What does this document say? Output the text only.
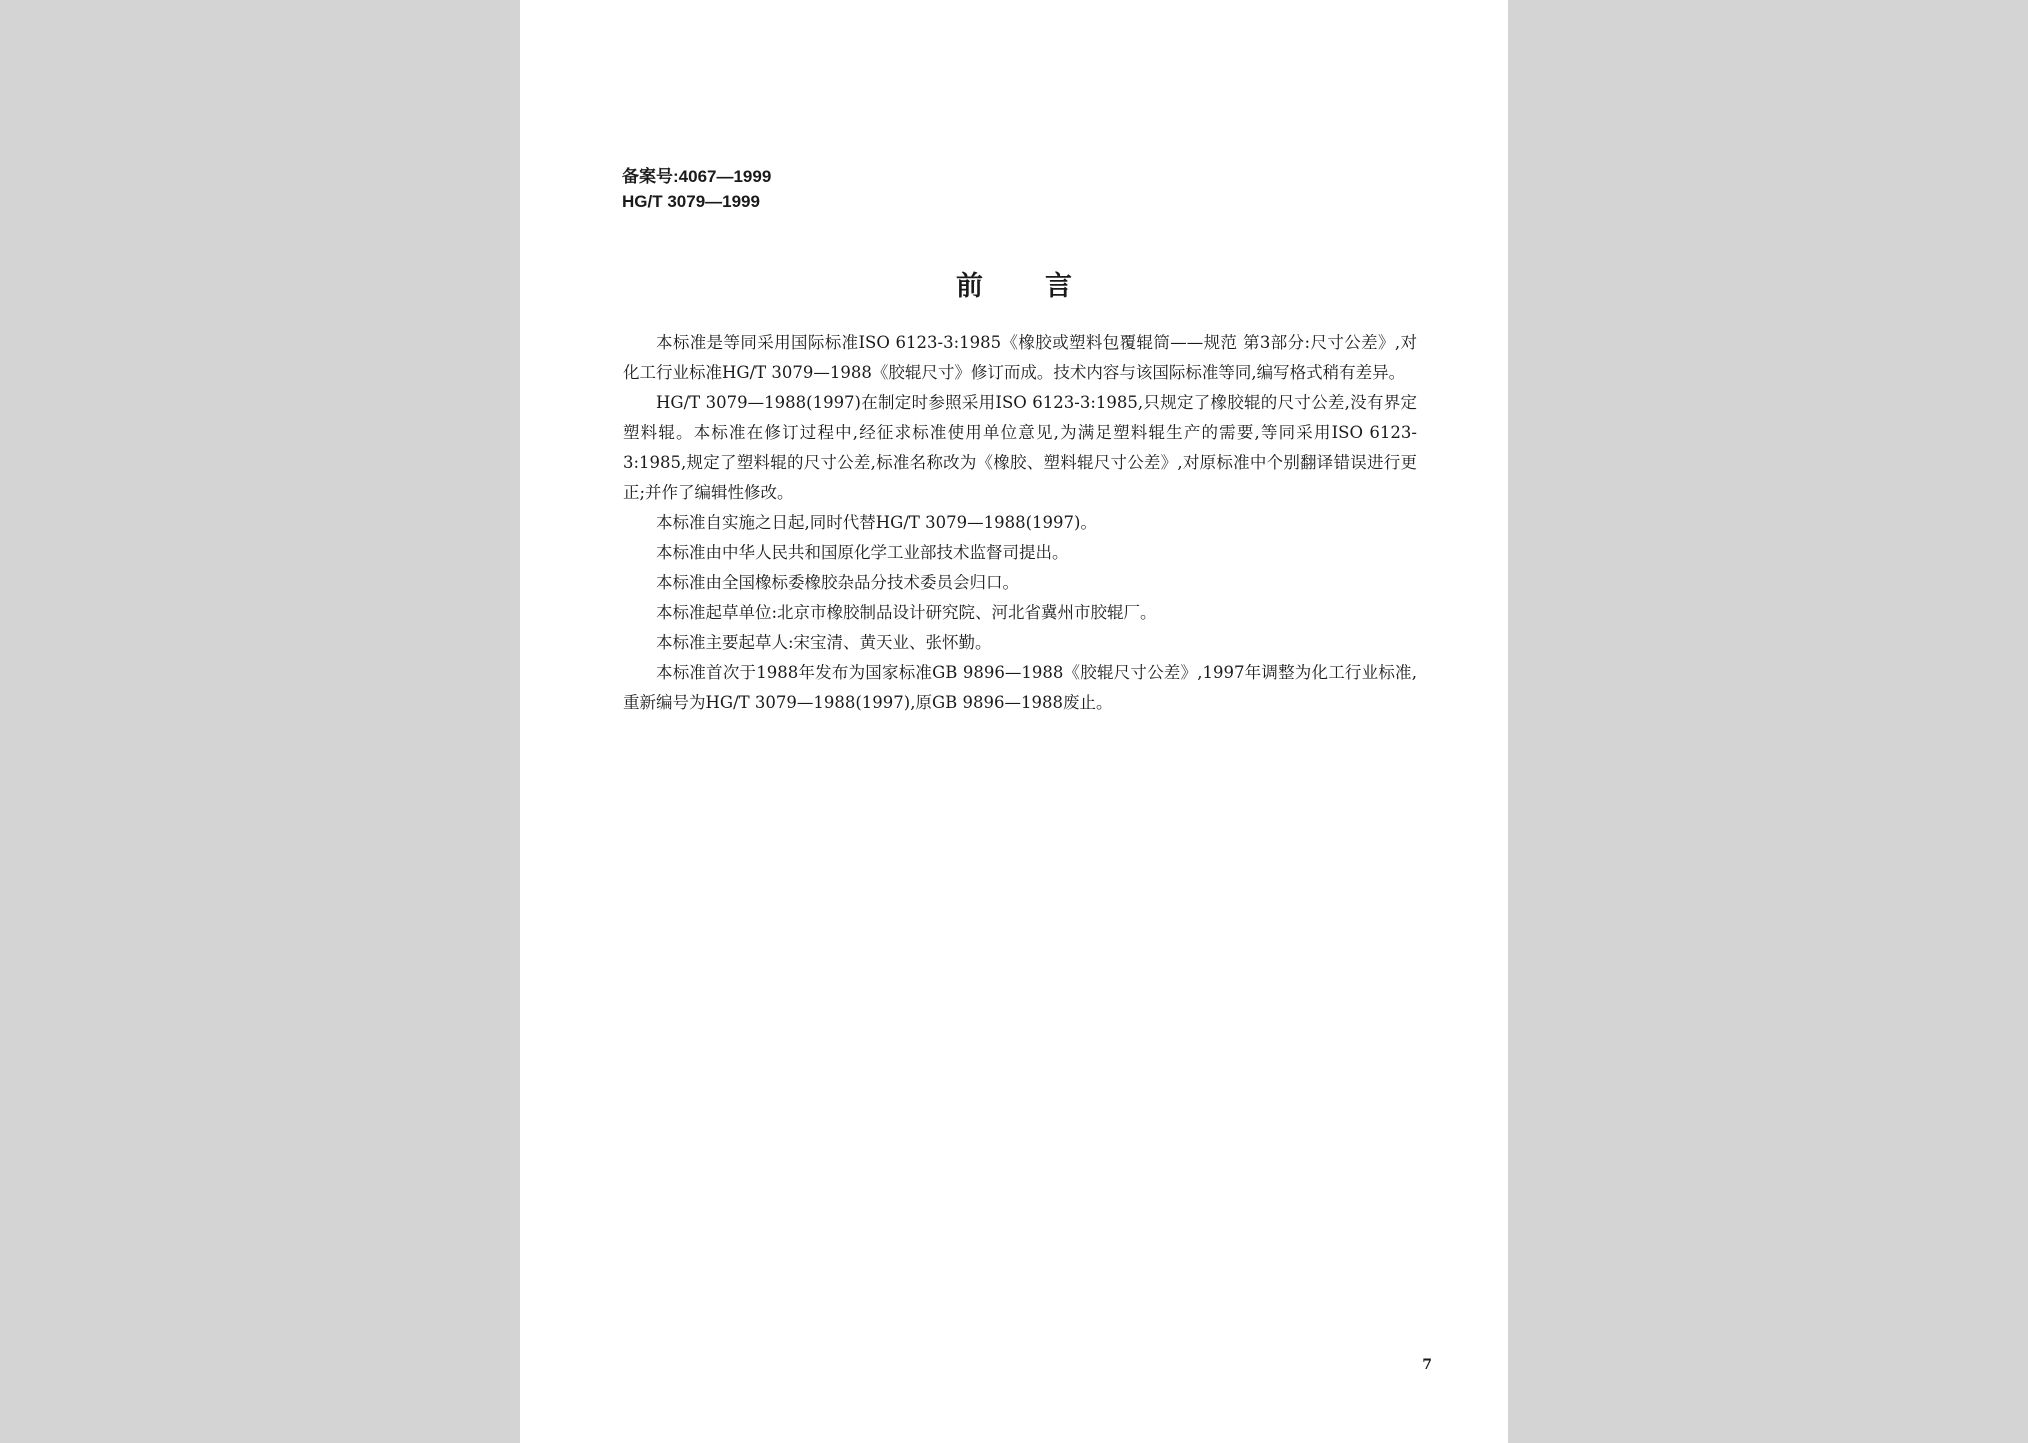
备案号:4067—1999
HG/T 3079—1999
前言

本标准是等同采用国际标准ISO 6123-3:1985《橡胶或塑料包覆辊筒——规范 第3部分:尺寸公差》,对化工行业标准HG/T 3079—1988《胶辊尺寸》修订而成。技术内容与该国际标准等同,编写格式稍有差异。

HG/T 3079—1988(1997)在制定时参照采用ISO 6123-3:1985,只规定了橡胶辊的尺寸公差,没有界定塑料辊。本标准在修订过程中,经征求标准使用单位意见,为满足塑料辊生产的需要,等同采用ISO 6123-3:1985,规定了塑料辊的尺寸公差,标准名称改为《橡胶、塑料辊尺寸公差》,对原标准中个别翻译错误进行更正;并作了编辑性修改。

本标准自实施之日起,同时代替HG/T 3079—1988(1997)。

本标准由中华人民共和国原化学工业部技术监督司提出。

本标准由全国橡标委橡胶杂品分技术委员会归口。

本标准起草单位:北京市橡胶制品设计研究院、河北省冀州市胶辊厂。

本标准主要起草人:宋宝清、黄天业、张怀勤。

本标准首次于1988年发布为国家标准GB 9896—1988《胶辊尺寸公差》,1997年调整为化工行业标准,重新编号为HG/T 3079—1988(1997),原GB 9896—1988废止。

7
